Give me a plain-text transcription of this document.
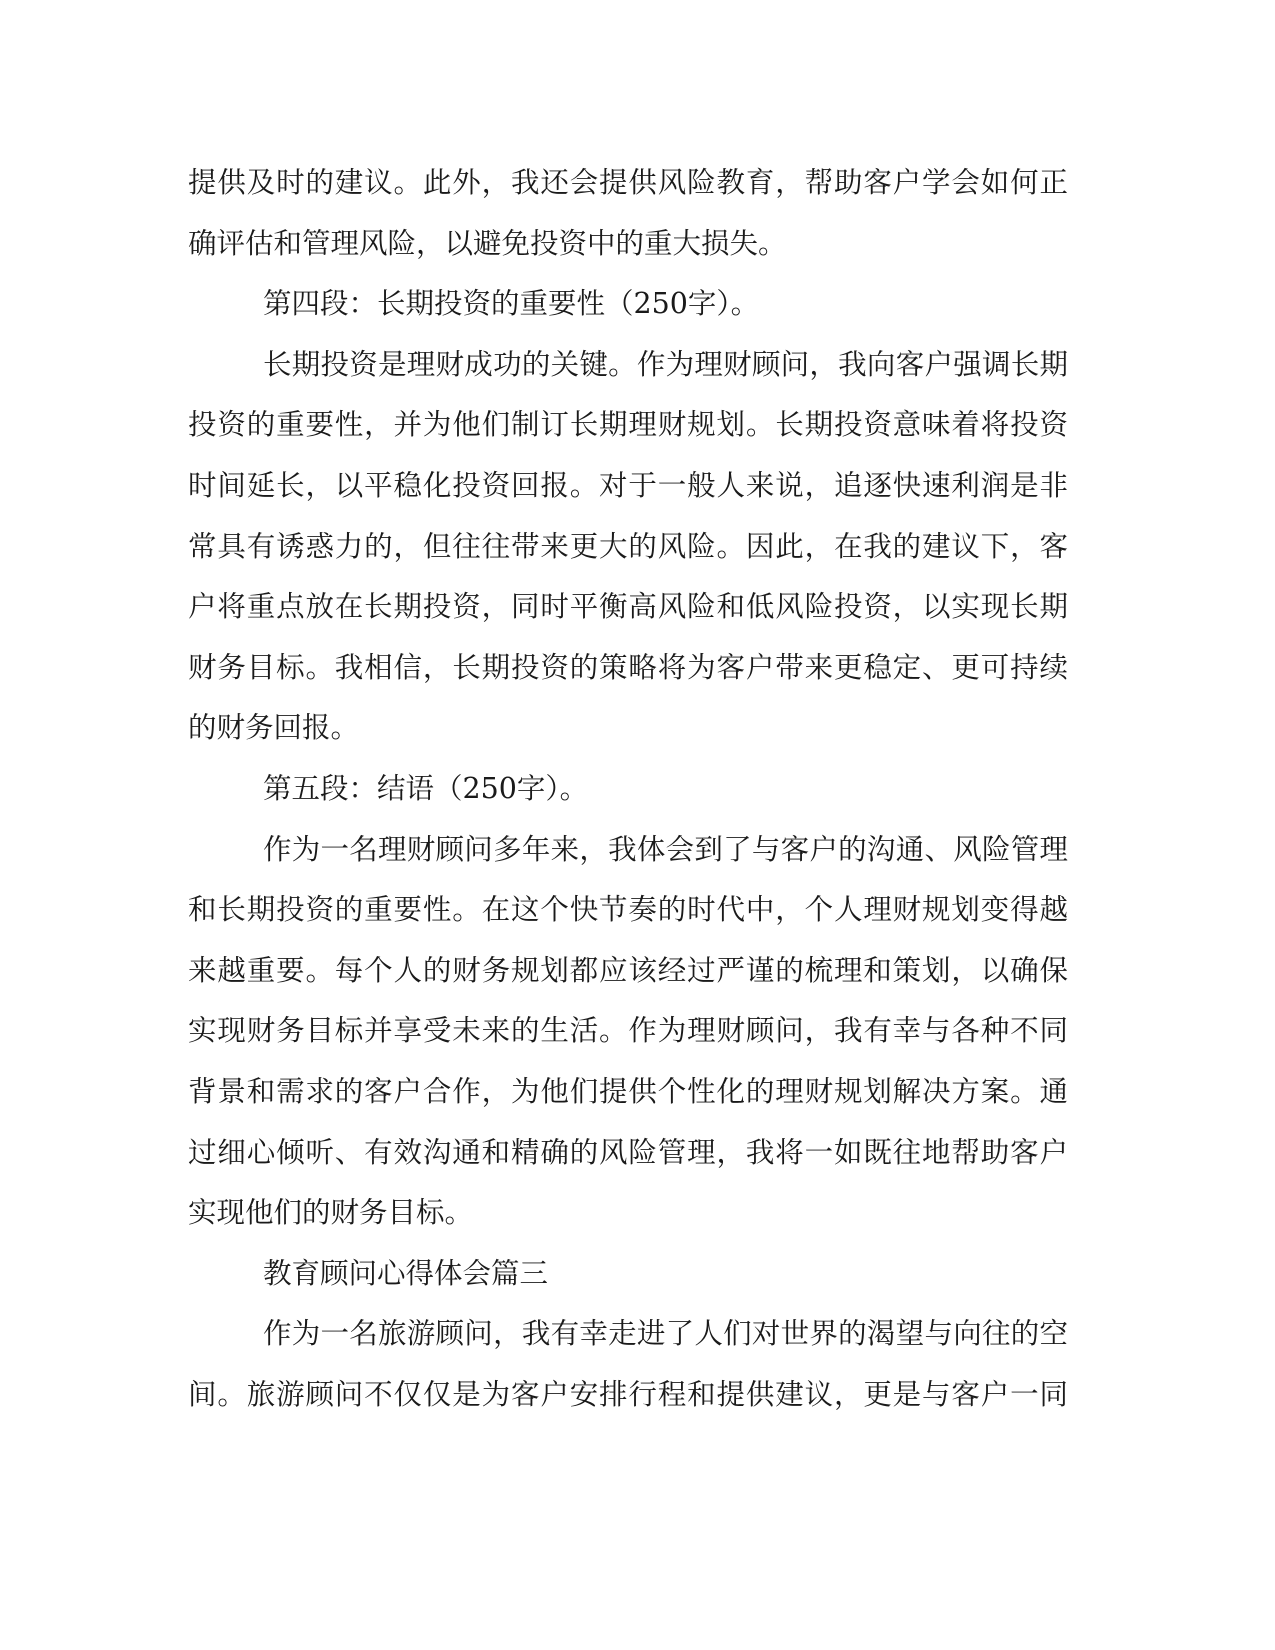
提供及时的建议。此外，我还会提供风险教育，帮助客户学会如何正
确评估和管理风险，以避免投资中的重大损失。
第四段：长期投资的重要性（250字）。
长期投资是理财成功的关键。作为理财顾问，我向客户强调长期
投资的重要性，并为他们制订长期理财规划。长期投资意味着将投资
时间延长，以平稳化投资回报。对于一般人来说，追逐快速利润是非
常具有诱惑力的，但往往带来更大的风险。因此，在我的建议下，客
户将重点放在长期投资，同时平衡高风险和低风险投资，以实现长期
财务目标。我相信，长期投资的策略将为客户带来更稳定、更可持续
的财务回报。
第五段：结语（250字）。
作为一名理财顾问多年来，我体会到了与客户的沟通、风险管理
和长期投资的重要性。在这个快节奏的时代中，个人理财规划变得越
来越重要。每个人的财务规划都应该经过严谨的梳理和策划，以确保
实现财务目标并享受未来的生活。作为理财顾问，我有幸与各种不同
背景和需求的客户合作，为他们提供个性化的理财规划解决方案。通
过细心倾听、有效沟通和精确的风险管理，我将一如既往地帮助客户
实现他们的财务目标。
教育顾问心得体会篇三
作为一名旅游顾问，我有幸走进了人们对世界的渴望与向往的空
间。旅游顾问不仅仅是为客户安排行程和提供建议，更是与客户一同
